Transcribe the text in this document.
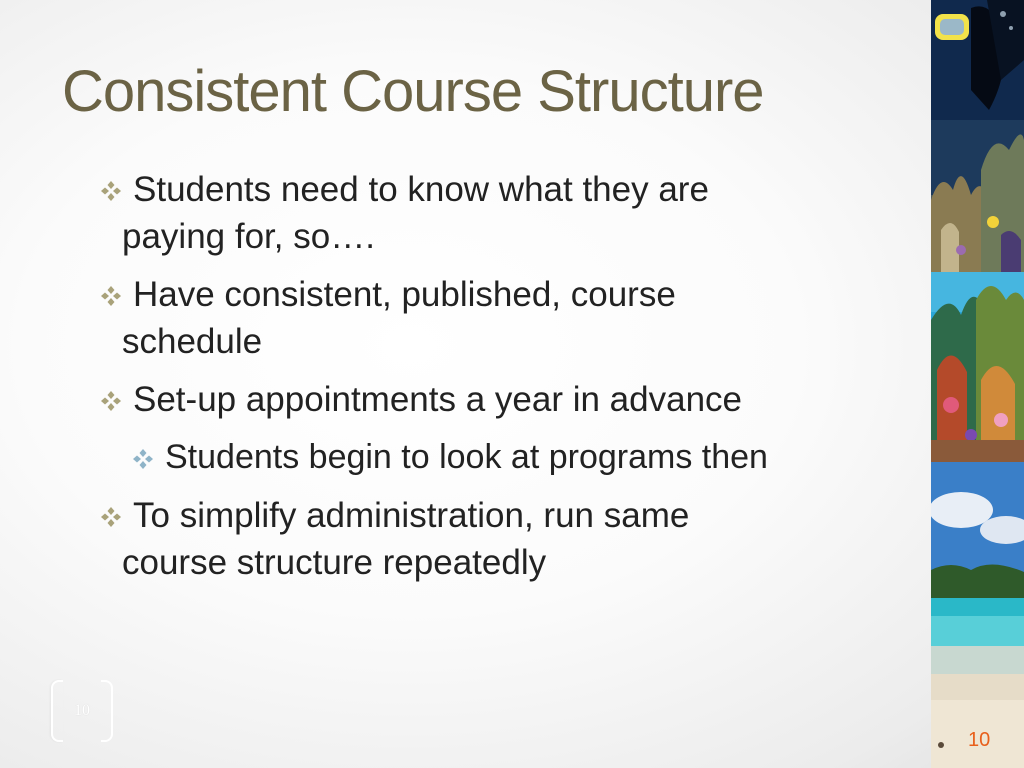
Consistent Course Structure
Students need to know what they are
paying for, so….
Have consistent, published, course
schedule
Set-up appointments a year in advance
Students begin to look at programs then
To simplify administration, run same
course structure repeatedly
10
10
